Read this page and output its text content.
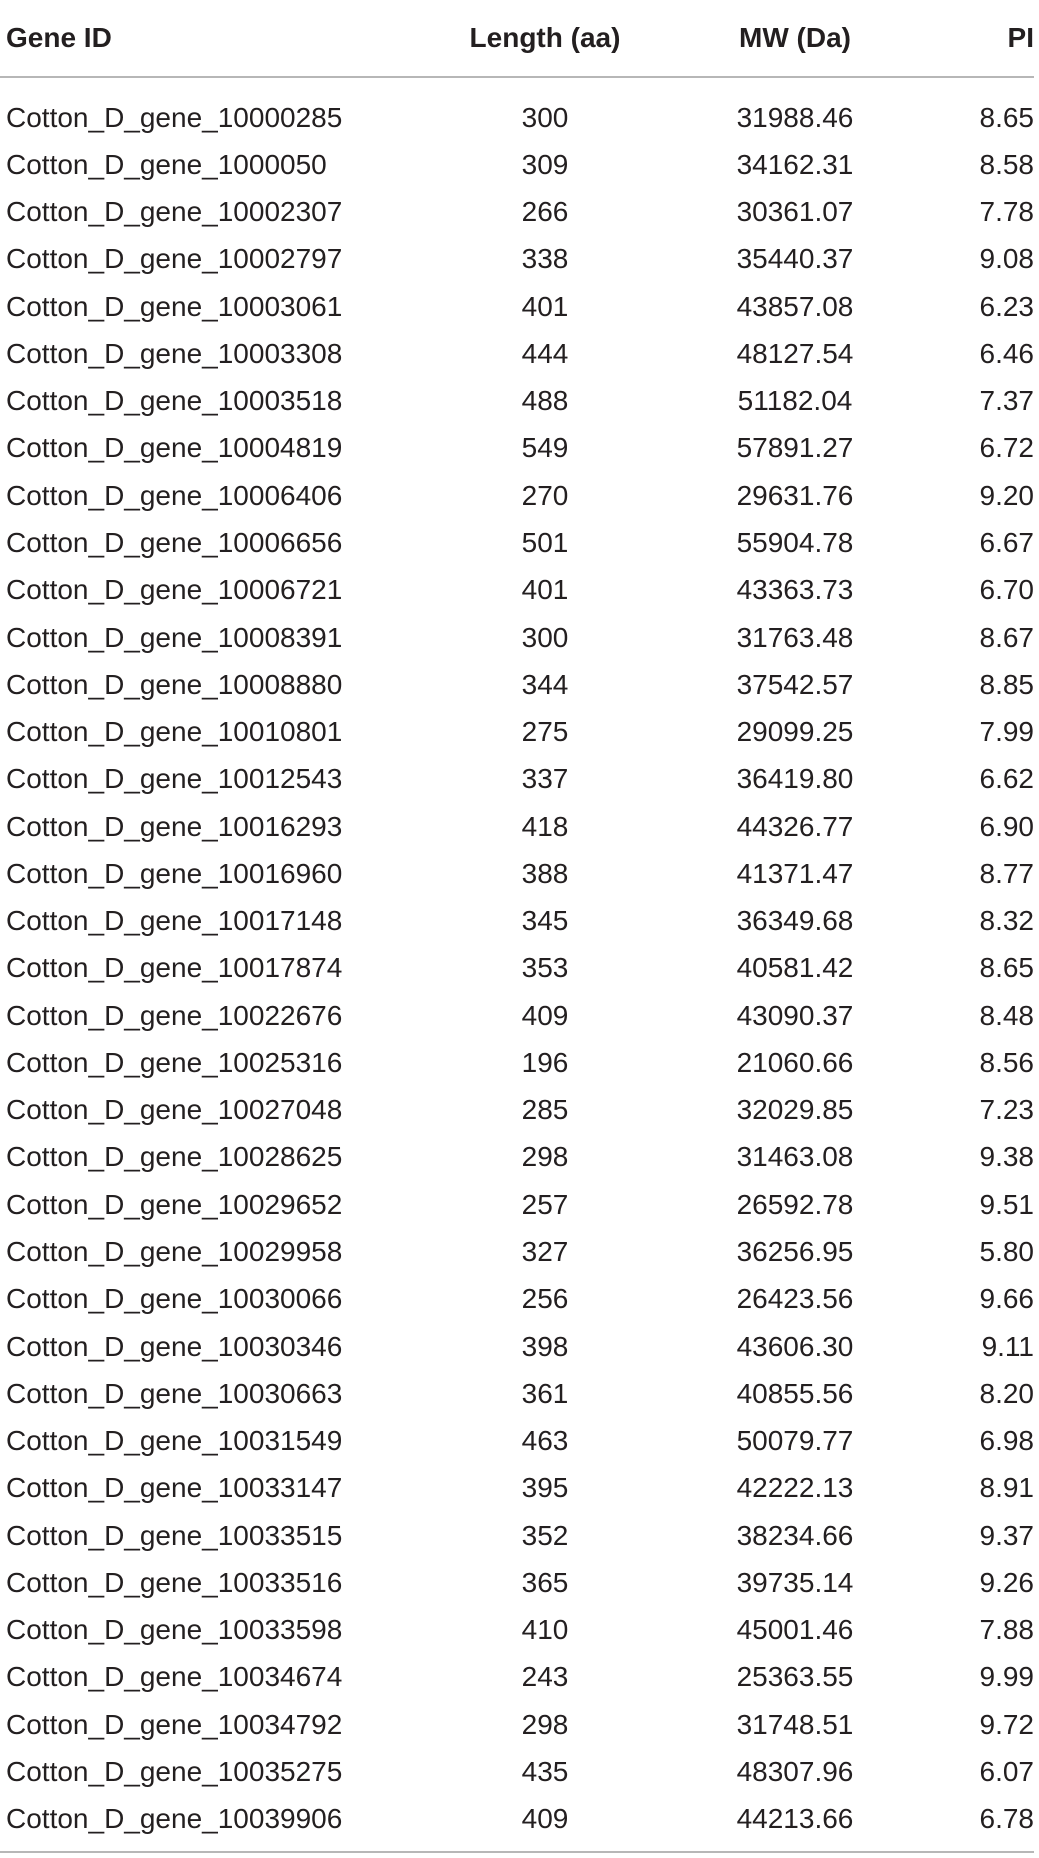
Gene ID	Length (aa)	MW (Da)	PI
Cotton_D_gene_10000285	300	31988.46	8.65
Cotton_D_gene_1000050	309	34162.31	8.58
Cotton_D_gene_10002307	266	30361.07	7.78
Cotton_D_gene_10002797	338	35440.37	9.08
Cotton_D_gene_10003061	401	43857.08	6.23
Cotton_D_gene_10003308	444	48127.54	6.46
Cotton_D_gene_10003518	488	51182.04	7.37
Cotton_D_gene_10004819	549	57891.27	6.72
Cotton_D_gene_10006406	270	29631.76	9.20
Cotton_D_gene_10006656	501	55904.78	6.67
Cotton_D_gene_10006721	401	43363.73	6.70
Cotton_D_gene_10008391	300	31763.48	8.67
Cotton_D_gene_10008880	344	37542.57	8.85
Cotton_D_gene_10010801	275	29099.25	7.99
Cotton_D_gene_10012543	337	36419.80	6.62
Cotton_D_gene_10016293	418	44326.77	6.90
Cotton_D_gene_10016960	388	41371.47	8.77
Cotton_D_gene_10017148	345	36349.68	8.32
Cotton_D_gene_10017874	353	40581.42	8.65
Cotton_D_gene_10022676	409	43090.37	8.48
Cotton_D_gene_10025316	196	21060.66	8.56
Cotton_D_gene_10027048	285	32029.85	7.23
Cotton_D_gene_10028625	298	31463.08	9.38
Cotton_D_gene_10029652	257	26592.78	9.51
Cotton_D_gene_10029958	327	36256.95	5.80
Cotton_D_gene_10030066	256	26423.56	9.66
Cotton_D_gene_10030346	398	43606.30	9.11
Cotton_D_gene_10030663	361	40855.56	8.20
Cotton_D_gene_10031549	463	50079.77	6.98
Cotton_D_gene_10033147	395	42222.13	8.91
Cotton_D_gene_10033515	352	38234.66	9.37
Cotton_D_gene_10033516	365	39735.14	9.26
Cotton_D_gene_10033598	410	45001.46	7.88
Cotton_D_gene_10034674	243	25363.55	9.99
Cotton_D_gene_10034792	298	31748.51	9.72
Cotton_D_gene_10035275	435	48307.96	6.07
Cotton_D_gene_10039906	409	44213.66	6.78
